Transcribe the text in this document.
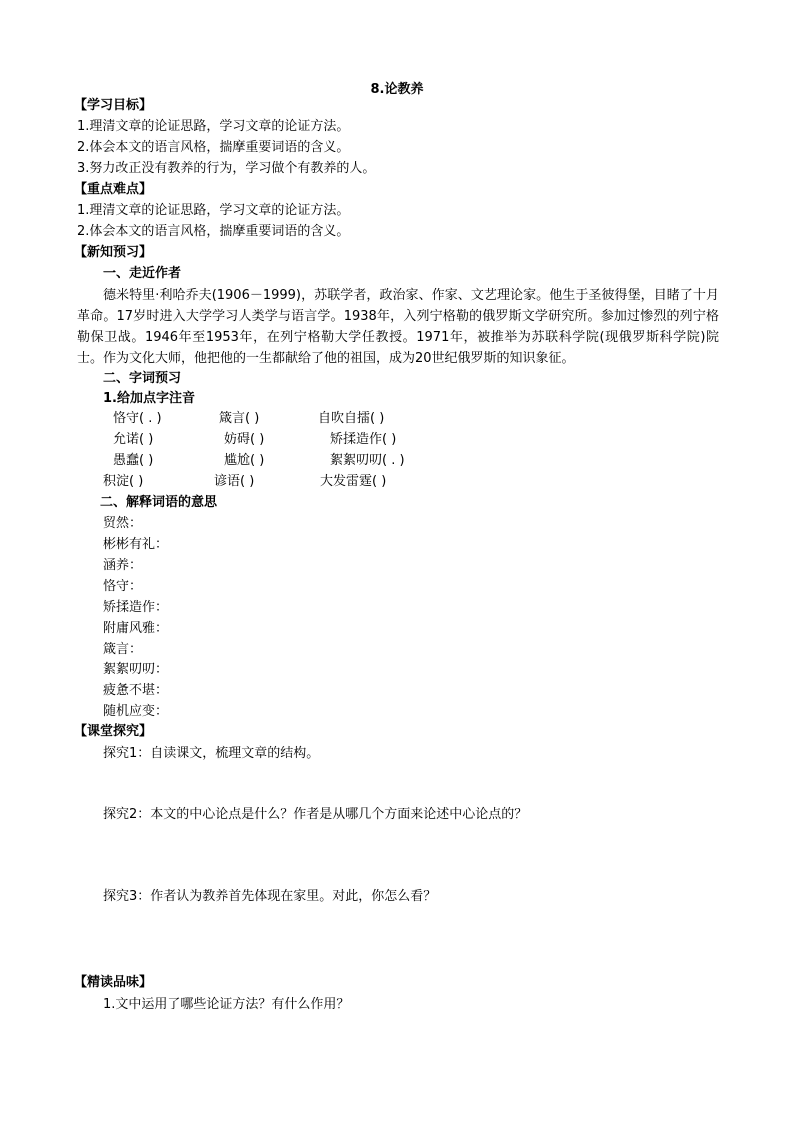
8.论教养
【学习目标】
1.理清文章的论证思路，学习文章的论证方法。
2.体会本文的语言风格，揣摩重要词语的含义。
3.努力改正没有教养的行为，学习做个有教养的人。
【重点难点】
1.理清文章的论证思路，学习文章的论证方法。
2.体会本文的语言风格，揣摩重要词语的含义。
【新知预习】
一、走近作者
德米特里·利哈乔夫(1906－1999)，苏联学者，政治家、作家、文艺理论家。他生于圣彼得堡，目睹了十月革命。17岁时进入大学学习人类学与语言学。1938年，入列宁格勒的俄罗斯文学研究所。参加过惨烈的列宁格勒保卫战。1946年至1953年，在列宁格勒大学任教授。1971年，被推举为苏联科学院(现俄罗斯科学院)院士。作为文化大师，他把他的一生都献给了他的祖国，成为20世纪俄罗斯的知识象征。
二、字词预习
1.给加点字注音
恪守( . )	箴言( )	自吹自擂( )
允诺( )	妨碍( )	矫揉造作( )
愚蠢( )	尴尬( )	絮絮叨叨( . )
积淀( )	谚语( )	大发雷霆( )
二、解释词语的意思
贸然：
彬彬有礼：
涵养：
恪守：
矫揉造作：
附庸风雅：
箴言：
絮絮叨叨：
疲惫不堪：
随机应变：
【课堂探究】
探究1：自读课文，梳理文章的结构。
探究2：本文的中心论点是什么？作者是从哪几个方面来论述中心论点的？
探究3：作者认为教养首先体现在家里。对此，你怎么看？
【精读品味】
1.文中运用了哪些论证方法？有什么作用？
